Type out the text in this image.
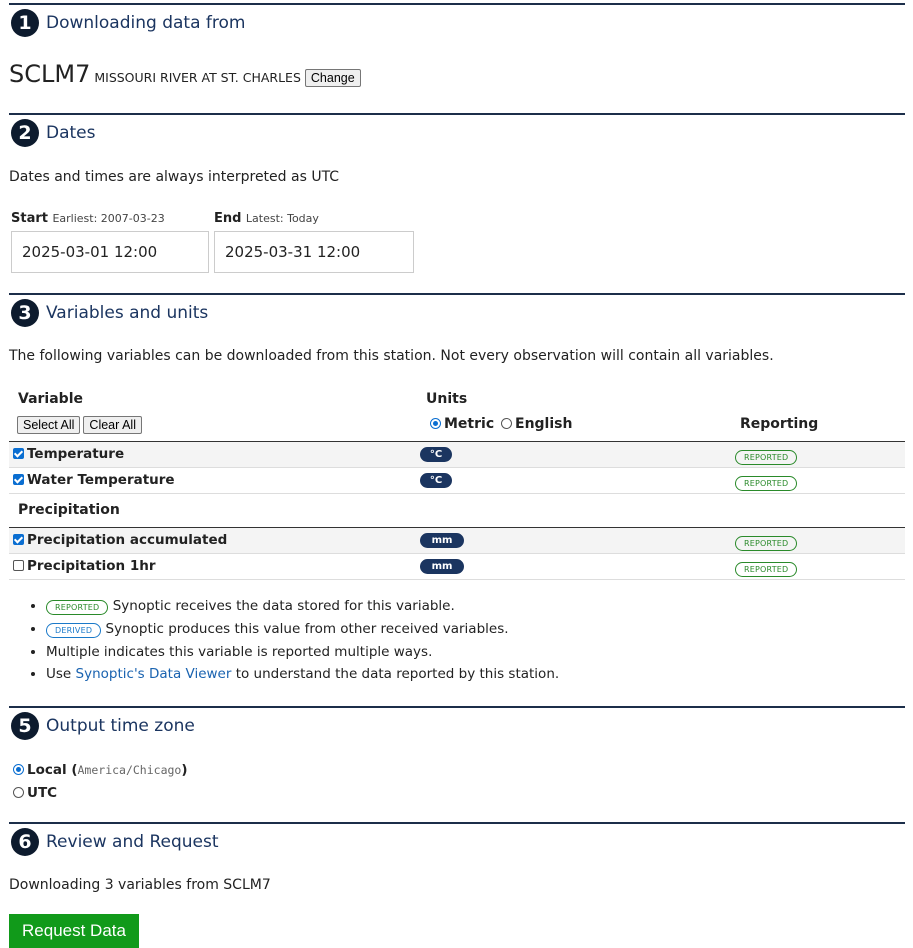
1 Downloading data from
SCLM7 MISSOURI RIVER AT ST. CHARLES Change
2 Dates
Dates and times are always interpreted as UTC
Start Earliest: 2007-03-23
2025-03-01 12:00
End Latest: Today
2025-03-31 12:00
3 Variables and units
The following variables can be downloaded from this station. Not every observation will contain all variables.
Variable
Select All	Clear All
Units
Metric English	Reporting
Temperature	°C	REPORTED
Water Temperature	°C	REPORTED
Precipitation
Precipitation accumulated	mm	REPORTED
Precipitation 1hr	mm	REPORTED
• REPORTED Synoptic receives the data stored for this variable.
• DERIVED Synoptic produces this value from other received variables.
• Multiple indicates this variable is reported multiple ways.
• Use Synoptic's Data Viewer to understand the data reported by this station.
5 Output time zone
Local (America/Chicago)
UTC
6 Review and Request
Downloading 3 variables from SCLM7
Request Data
